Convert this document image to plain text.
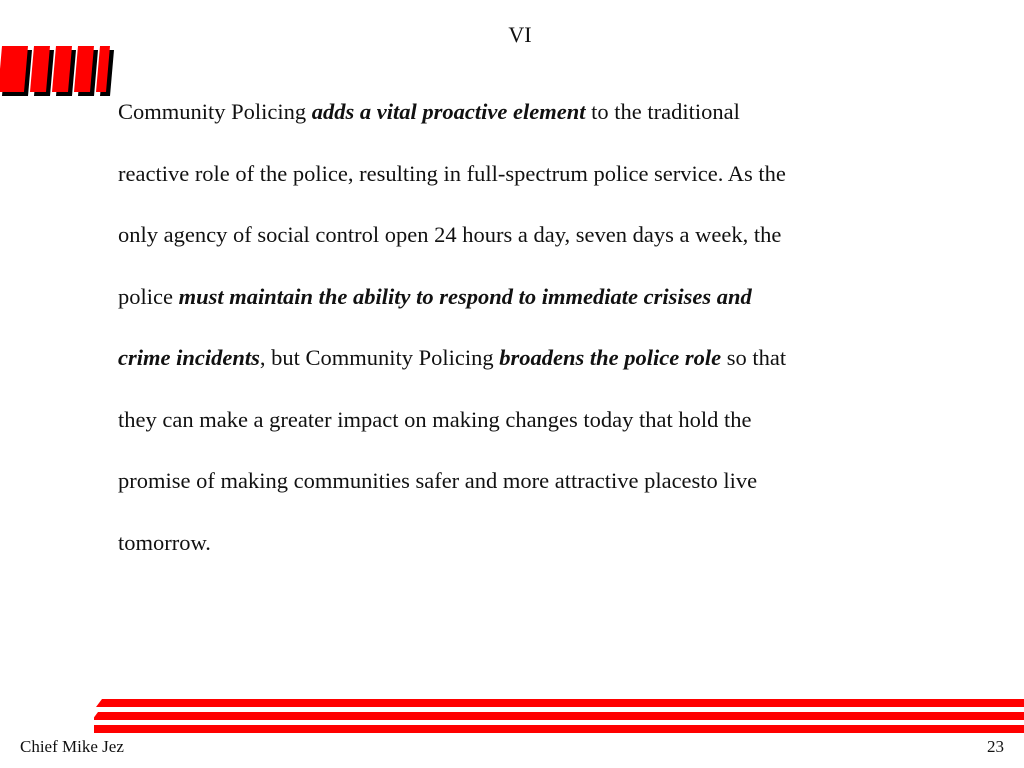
VI

Community Policing adds a vital proactive element to the traditional
reactive role of the police, resulting in full-spectrum police service. As the
only agency of social control open 24 hours a day, seven days a week, the
police must maintain the ability to respond to immediate crisises and
crime incidents, but Community Policing broadens the police role so that
they can make a greater impact on making changes today that hold the
promise of making communities safer and more attractive placesto live
tomorrow.

Chief Mike Jez	23
